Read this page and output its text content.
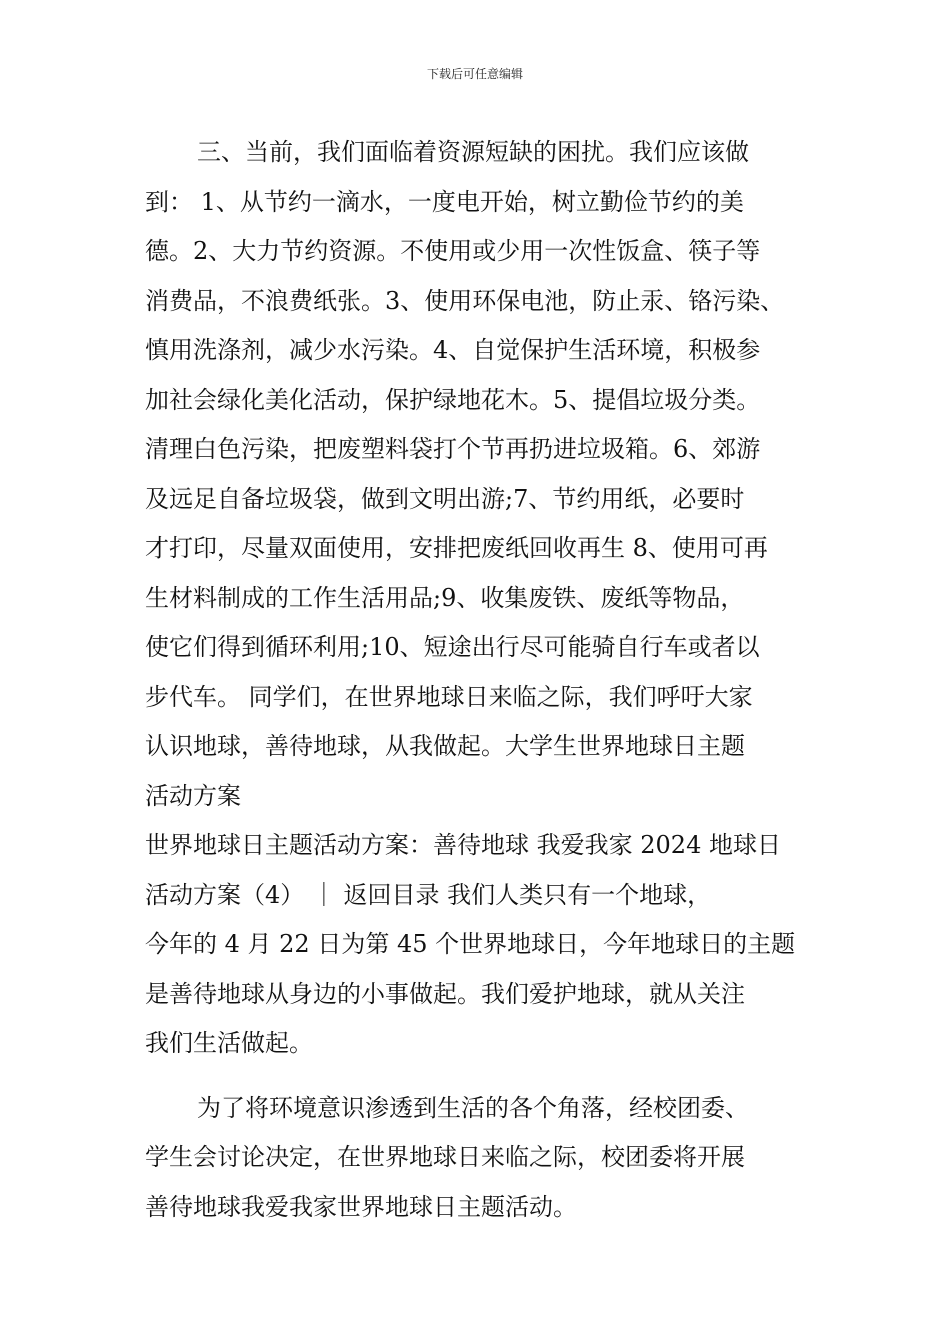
下载后可任意编辑
三、当前，我们面临着资源短缺的困扰。我们应该做
到： 1、从节约一滴水，一度电开始，树立勤俭节约的美
德。2、大力节约资源。不使用或少用一次性饭盒、筷子等
消费品，不浪费纸张。3、使用环保电池，防止汞、铬污染、
慎用洗涤剂，减少水污染。4、自觉保护生活环境，积极参
加社会绿化美化活动，保护绿地花木。5、提倡垃圾分类。
清理白色污染，把废塑料袋打个节再扔进垃圾箱。6、郊游
及远足自备垃圾袋，做到文明出游;7、节约用纸，必要时
才打印，尽量双面使用，安排把废纸回收再生 8、使用可再
生材料制成的工作生活用品;9、收集废铁、废纸等物品，
使它们得到循环利用;10、短途出行尽可能骑自行车或者以
步代车。 同学们，在世界地球日来临之际，我们呼吁大家
认识地球，善待地球，从我做起。大学生世界地球日主题
活动方案
世界地球日主题活动方案：善待地球 我爱我家 2024 地球日
活动方案（4） ｜ 返回目录 我们人类只有一个地球，
今年的 4 月 22 日为第 45 个世界地球日，今年地球日的主题
是善待地球从身边的小事做起。我们爱护地球，就从关注
我们生活做起。
为了将环境意识渗透到生活的各个角落，经校团委、
学生会讨论决定，在世界地球日来临之际，校团委将开展
善待地球我爱我家世界地球日主题活动。
